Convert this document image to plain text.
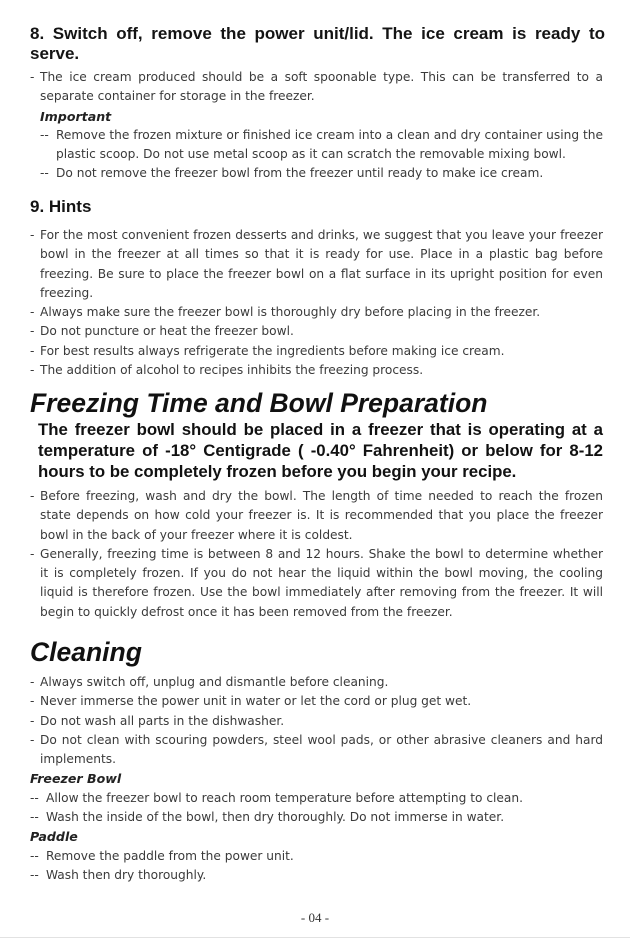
8. Switch off, remove the power unit/lid. The ice cream is ready to serve.
- The ice cream produced should be a soft spoonable type. This can be transferred to a separate container for storage in the freezer.
Important
-- Remove the frozen mixture or finished ice cream into a clean and dry container using the plastic scoop. Do not use metal scoop as it can scratch the removable mixing bowl.
-- Do not remove the freezer bowl from the freezer until ready to make ice cream.
9. Hints
- For the most convenient frozen desserts and drinks, we suggest that you leave your freezer bowl in the freezer at all times so that it is ready for use. Place in a plastic bag before freezing. Be sure to place the freezer bowl on a flat surface in its upright position for even freezing.
- Always make sure the freezer bowl is thoroughly dry before placing in the freezer.
- Do not puncture or heat the freezer bowl.
- For best results always refrigerate the ingredients before making ice cream.
- The addition of alcohol to recipes inhibits the freezing process.
Freezing Time and Bowl Preparation
The freezer bowl should be placed in a freezer that is operating at a temperature of -18° Centigrade ( -0.40° Fahrenheit) or below for 8-12 hours to be completely frozen before you begin your recipe.
- Before freezing, wash and dry the bowl. The length of time needed to reach the frozen state depends on how cold your freezer is. It is recommended that you place the freezer bowl in the back of your freezer where it is coldest.
- Generally, freezing time is between 8 and 12 hours. Shake the bowl to determine whether it is completely frozen. If you do not hear the liquid within the bowl moving, the cooling liquid is therefore frozen. Use the bowl immediately after removing from the freezer. It will begin to quickly defrost once it has been removed from the freezer.
Cleaning
- Always switch off, unplug and dismantle before cleaning.
- Never immerse the power unit in water or let the cord or plug get wet.
- Do not wash all parts in the dishwasher.
- Do not clean with scouring powders, steel wool pads, or other abrasive cleaners and hard implements.
Freezer Bowl
-- Allow the freezer bowl to reach room temperature before attempting to clean.
-- Wash the inside of the bowl, then dry thoroughly. Do not immerse in water.
Paddle
-- Remove the paddle from the power unit.
-- Wash then dry thoroughly.
- 04 -
